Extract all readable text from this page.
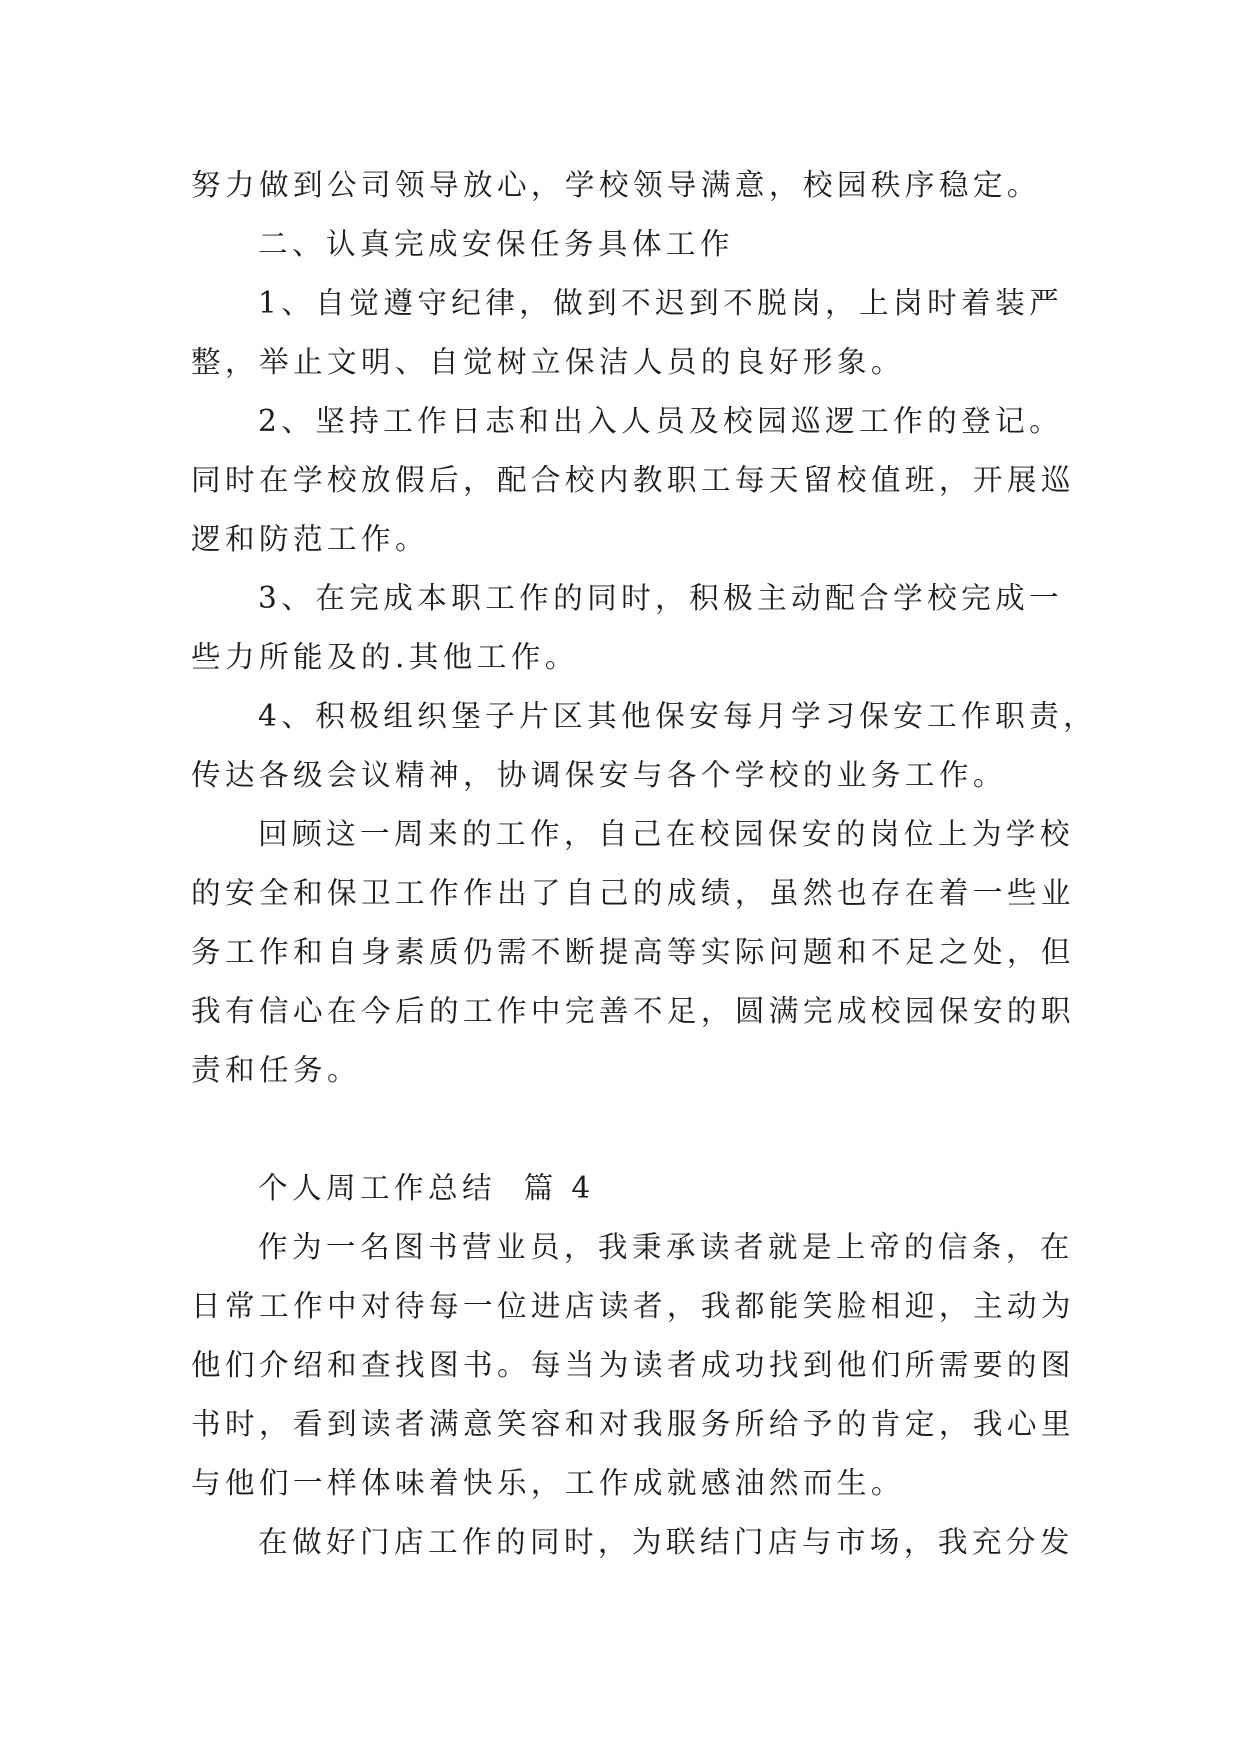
努力做到公司领导放心，学校领导满意，校园秩序稳定。
二、认真完成安保任务具体工作
1、自觉遵守纪律，做到不迟到不脱岗，上岗时着装严
整，举止文明、自觉树立保洁人员的良好形象。
2、坚持工作日志和出入人员及校园巡逻工作的登记。
同时在学校放假后，配合校内教职工每天留校值班，开展巡
逻和防范工作。
3、在完成本职工作的同时，积极主动配合学校完成一
些力所能及的.其他工作。
4、积极组织堡子片区其他保安每月学习保安工作职责，
传达各级会议精神，协调保安与各个学校的业务工作。
回顾这一周来的工作，自己在校园保安的岗位上为学校
的安全和保卫工作作出了自己的成绩，虽然也存在着一些业
务工作和自身素质仍需不断提高等实际问题和不足之处，但
我有信心在今后的工作中完善不足，圆满完成校园保安的职
责和任务。
个人周工作总结  篇 4
作为一名图书营业员，我秉承读者就是上帝的信条，在
日常工作中对待每一位进店读者，我都能笑脸相迎，主动为
他们介绍和查找图书。每当为读者成功找到他们所需要的图
书时，看到读者满意笑容和对我服务所给予的肯定，我心里
与他们一样体味着快乐，工作成就感油然而生。
在做好门店工作的同时，为联结门店与市场，我充分发
